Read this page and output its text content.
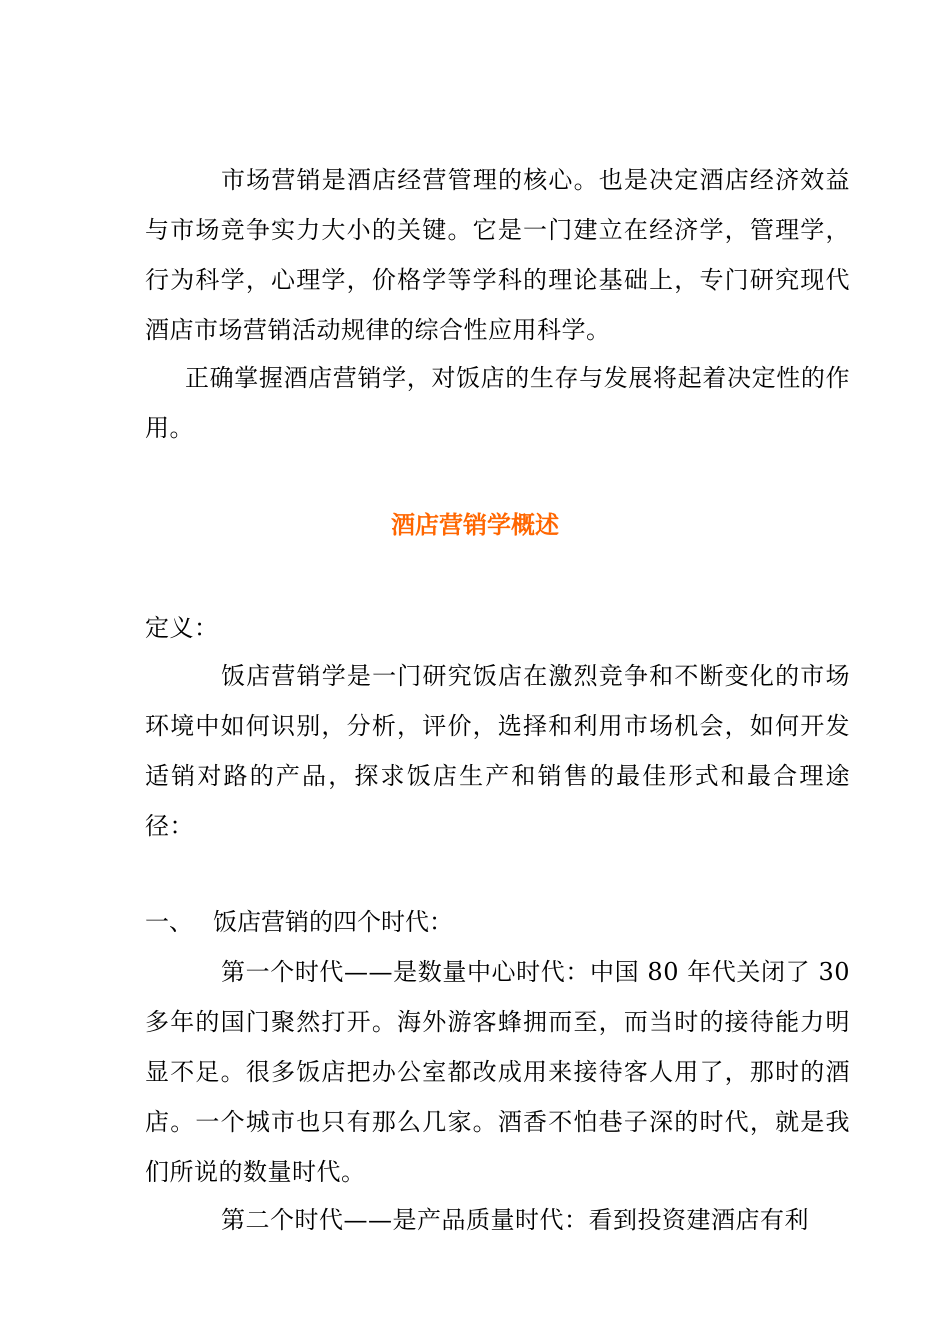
市场营销是酒店经营管理的核心。也是决定酒店经济效益与市场竞争实力大小的关键。它是一门建立在经济学，管理学，行为科学，心理学，价格学等学科的理论基础上，专门研究现代酒店市场营销活动规律的综合性应用科学。

正确掌握酒店营销学，对饭店的生存与发展将起着决定性的作用。

酒店营销学概述

定义：

饭店营销学是一门研究饭店在激烈竞争和不断变化的市场环境中如何识别，分析，评价，选择和利用市场机会，如何开发适销对路的产品，探求饭店生产和销售的最佳形式和最合理途径：

一、 饭店营销的四个时代：

第一个时代——是数量中心时代：中国 80 年代关闭了 30 多年的国门聚然打开。海外游客蜂拥而至，而当时的接待能力明显不足。很多饭店把办公室都改成用来接待客人用了，那时的酒店。一个城市也只有那么几家。酒香不怕巷子深的时代，就是我们所说的数量时代。

第二个时代——是产品质量时代：看到投资建酒店有利
